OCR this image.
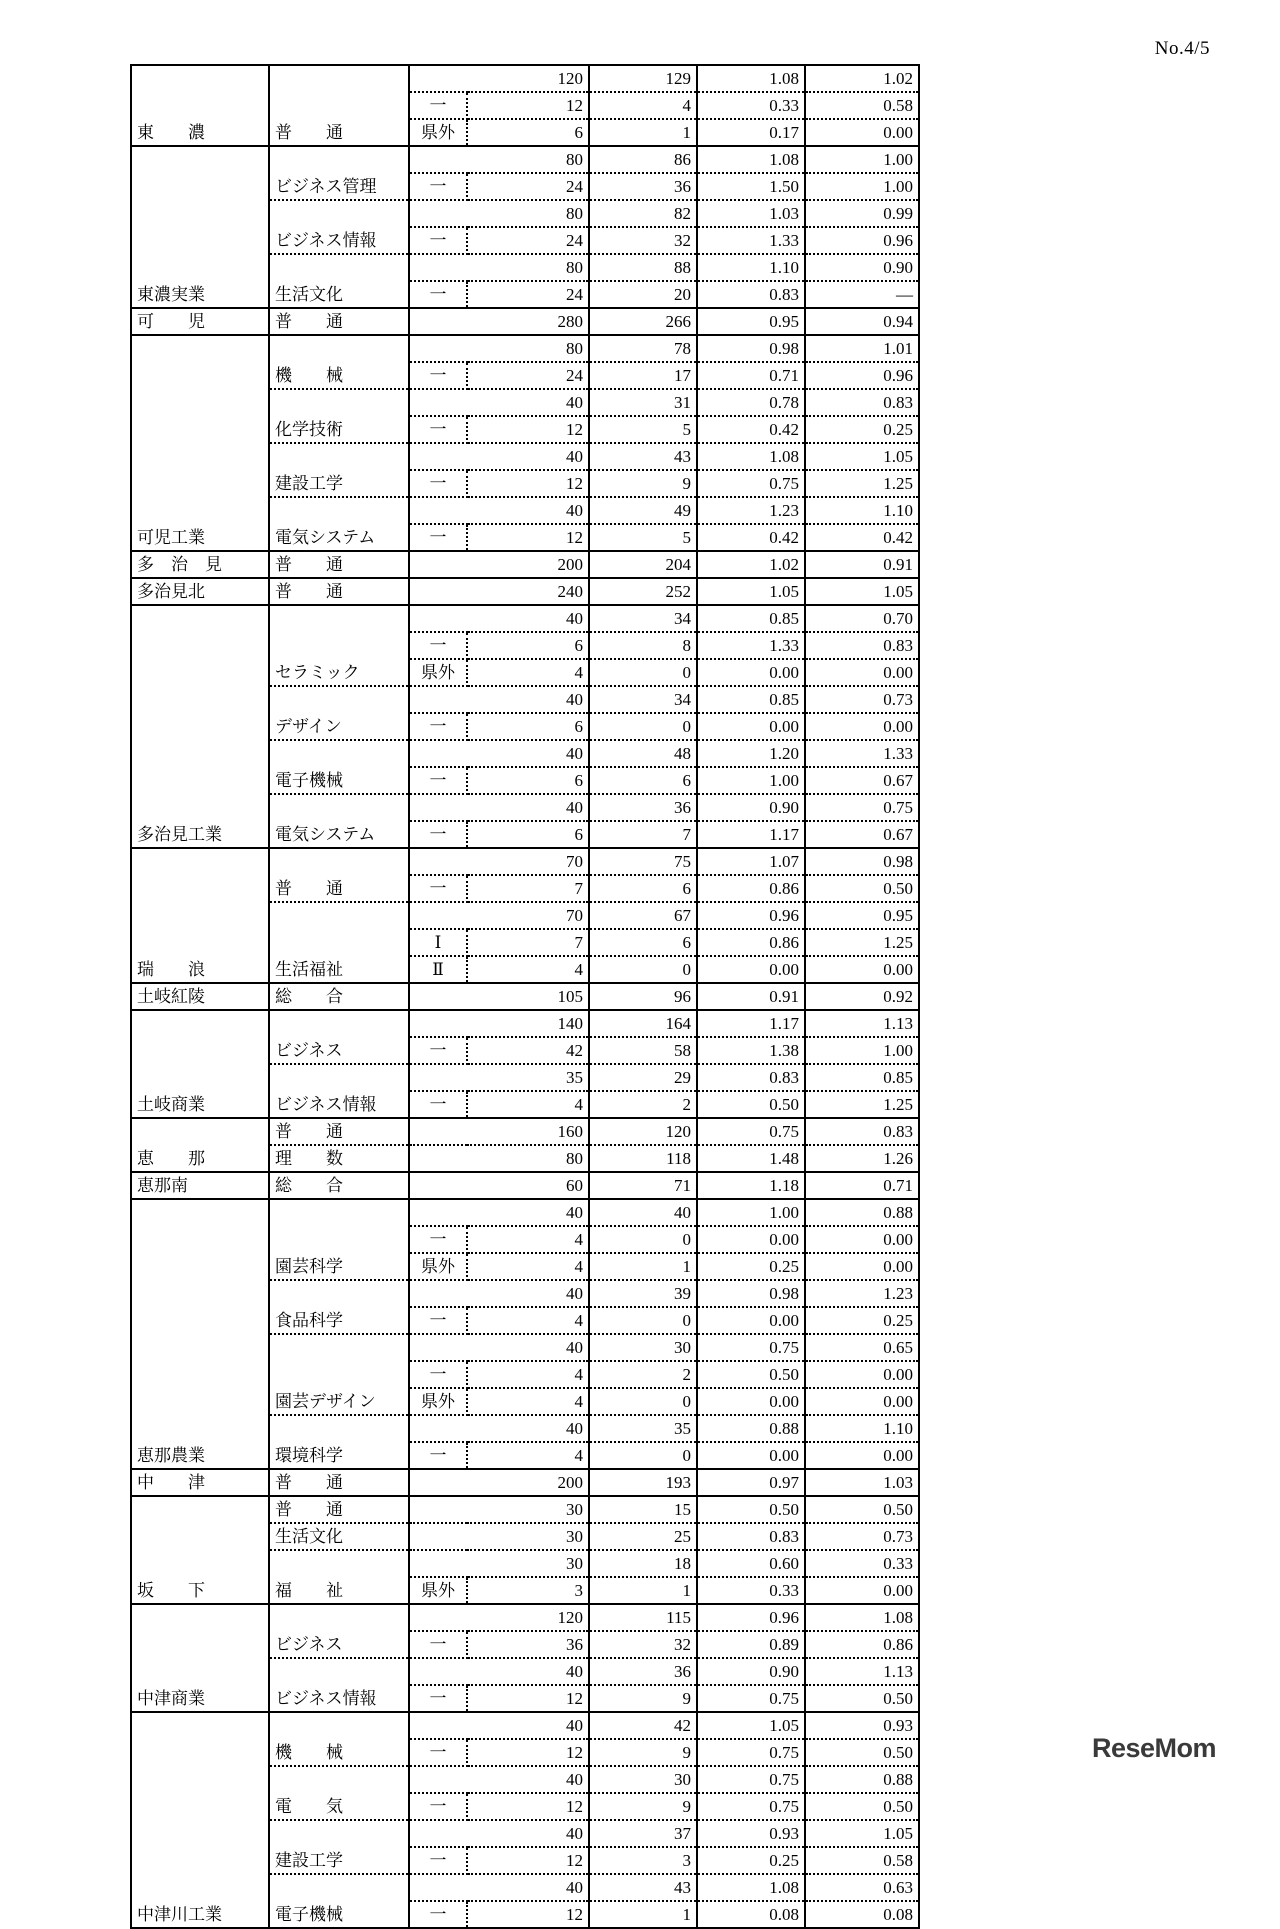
No.4/5
東　　濃	普　　通		120	129	1.08	1.02
		一	12	4	0.33	0.58
		県外	6	1	0.17	0.00
東濃実業	ビジネス管理		80	86	1.08	1.00
		一	24	36	1.50	1.00
	ビジネス情報		80	82	1.03	0.99
		一	24	32	1.33	0.96
	生活文化		80	88	1.10	0.90
		一	24	20	0.83	—
可　　児	普　　通		280	266	0.95	0.94
可児工業	機　　械		80	78	0.98	1.01
		一	24	17	0.71	0.96
	化学技術		40	31	0.78	0.83
		一	12	5	0.42	0.25
	建設工学		40	43	1.08	1.05
		一	12	9	0.75	1.25
	電気システム		40	49	1.23	1.10
		一	12	5	0.42	0.42
多　治　見	普　　通		200	204	1.02	0.91
多治見北	普　　通		240	252	1.05	1.05
多治見工業	セラミック		40	34	0.85	0.70
		一	6	8	1.33	0.83
		県外	4	0	0.00	0.00
	デザイン		40	34	0.85	0.73
		一	6	0	0.00	0.00
	電子機械		40	48	1.20	1.33
		一	6	6	1.00	0.67
	電気システム		40	36	0.90	0.75
		一	6	7	1.17	0.67
瑞　　浪	普　　通		70	75	1.07	0.98
		一	7	6	0.86	0.50
	生活福祉		70	67	0.96	0.95
		Ⅰ	7	6	0.86	1.25
		Ⅱ	4	0	0.00	0.00
土岐紅陵	総　　合		105	96	0.91	0.92
土岐商業	ビジネス		140	164	1.17	1.13
		一	42	58	1.38	1.00
	ビジネス情報		35	29	0.83	0.85
		一	4	2	0.50	1.25
恵　　那	普　　通		160	120	0.75	0.83
	理　　数		80	118	1.48	1.26
恵那南	総　　合		60	71	1.18	0.71
恵那農業	園芸科学		40	40	1.00	0.88
		一	4	0	0.00	0.00
		県外	4	1	0.25	0.00
	食品科学		40	39	0.98	1.23
		一	4	0	0.00	0.25
	園芸デザイン		40	30	0.75	0.65
		一	4	2	0.50	0.00
		県外	4	0	0.00	0.00
	環境科学		40	35	0.88	1.10
		一	4	0	0.00	0.00
中　　津	普　　通		200	193	0.97	1.03
坂　　下	普　　通		30	15	0.50	0.50
	生活文化		30	25	0.83	0.73
	福　　祉		30	18	0.60	0.33
		県外	3	1	0.33	0.00
中津商業	ビジネス		120	115	0.96	1.08
		一	36	32	0.89	0.86
	ビジネス情報		40	36	0.90	1.13
		一	12	9	0.75	0.50
中津川工業	機　　械		40	42	1.05	0.93
		一	12	9	0.75	0.50
	電　　気		40	30	0.75	0.88
		一	12	9	0.75	0.50
	建設工学		40	37	0.93	1.05
		一	12	3	0.25	0.58
	電子機械		40	43	1.08	0.63
		一	12	1	0.08	0.08
ReseMom
